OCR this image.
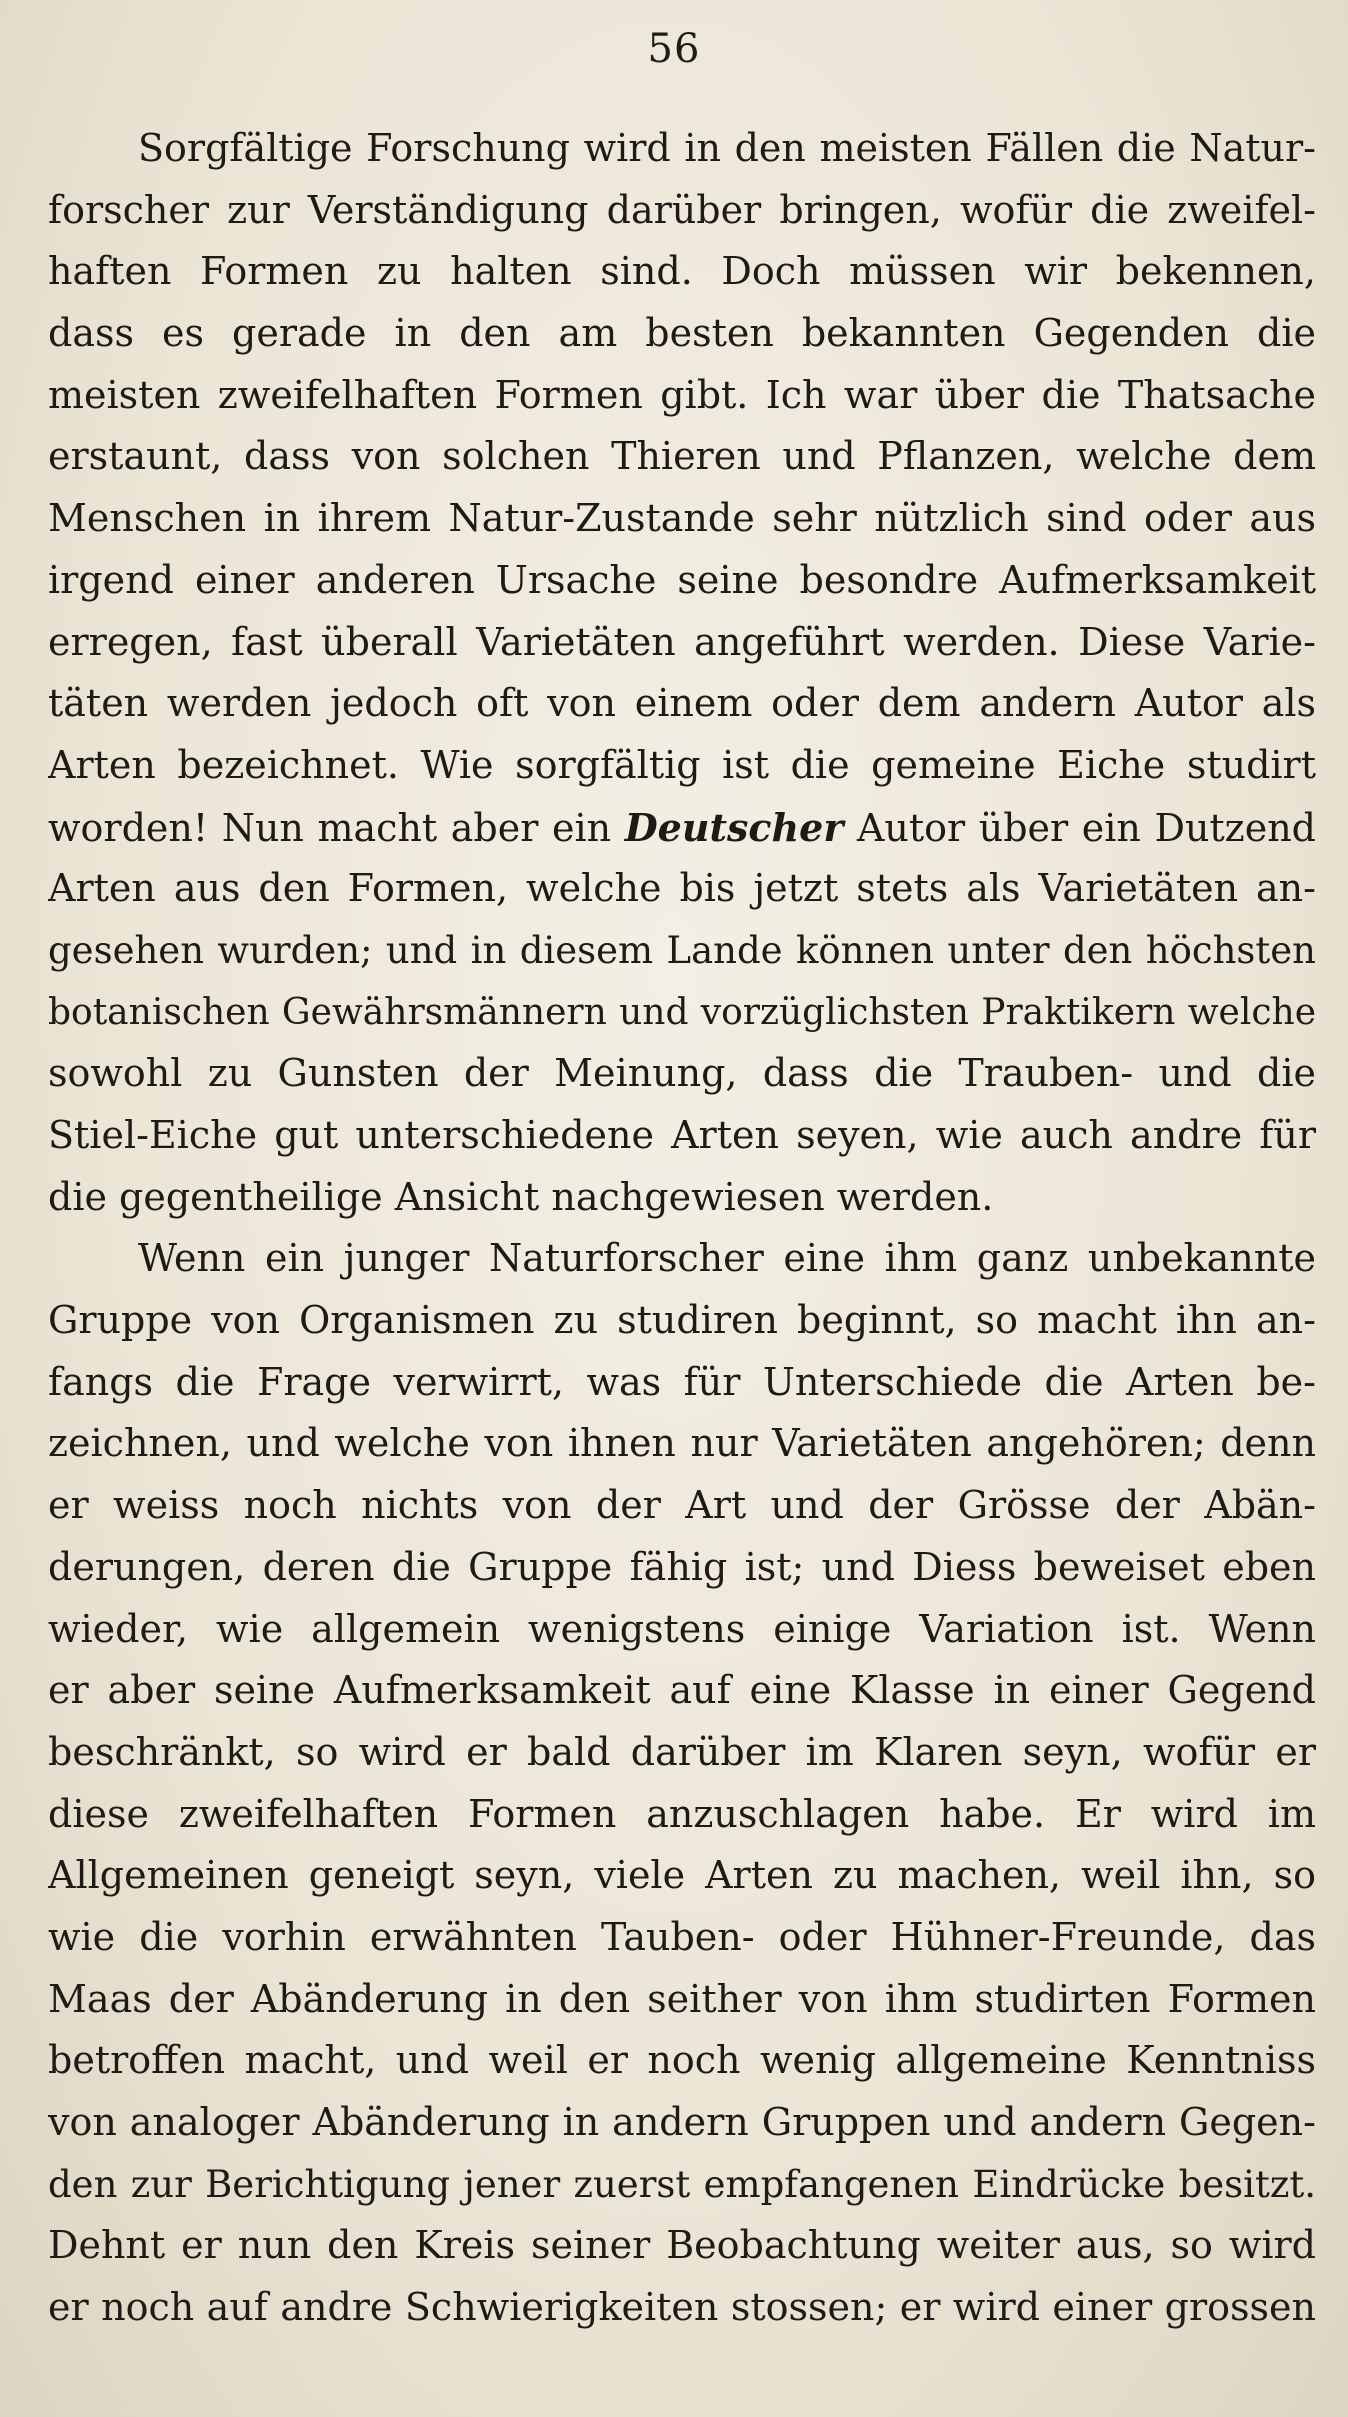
56
Sorgfältige Forschung wird in den meisten Fällen die Natur-
forscher zur Verständigung darüber bringen, wofür die zweifel-
haften Formen zu halten sind. Doch müssen wir bekennen,
dass es gerade in den am besten bekannten Gegenden die
meisten zweifelhaften Formen gibt. Ich war über die Thatsache
erstaunt, dass von solchen Thieren und Pflanzen, welche dem
Menschen in ihrem Natur-Zustande sehr nützlich sind oder aus
irgend einer anderen Ursache seine besondre Aufmerksamkeit
erregen, fast überall Varietäten angeführt werden. Diese Varie-
täten werden jedoch oft von einem oder dem andern Autor als
Arten bezeichnet. Wie sorgfältig ist die gemeine Eiche studirt
worden! Nun macht aber ein Deutscher Autor über ein Dutzend
Arten aus den Formen, welche bis jetzt stets als Varietäten an-
gesehen wurden; und in diesem Lande können unter den höchsten
botanischen Gewährsmännern und vorzüglichsten Praktikern welche
sowohl zu Gunsten der Meinung, dass die Trauben- und die
Stiel-Eiche gut unterschiedene Arten seyen, wie auch andre für
die gegentheilige Ansicht nachgewiesen werden.
Wenn ein junger Naturforscher eine ihm ganz unbekannte
Gruppe von Organismen zu studiren beginnt, so macht ihn an-
fangs die Frage verwirrt, was für Unterschiede die Arten be-
zeichnen, und welche von ihnen nur Varietäten angehören; denn
er weiss noch nichts von der Art und der Grösse der Abän-
derungen, deren die Gruppe fähig ist; und Diess beweiset eben
wieder, wie allgemein wenigstens einige Variation ist. Wenn
er aber seine Aufmerksamkeit auf eine Klasse in einer Gegend
beschränkt, so wird er bald darüber im Klaren seyn, wofür er
diese zweifelhaften Formen anzuschlagen habe. Er wird im
Allgemeinen geneigt seyn, viele Arten zu machen, weil ihn, so
wie die vorhin erwähnten Tauben- oder Hühner-Freunde, das
Maas der Abänderung in den seither von ihm studirten Formen
betroffen macht, und weil er noch wenig allgemeine Kenntniss
von analoger Abänderung in andern Gruppen und andern Gegen-
den zur Berichtigung jener zuerst empfangenen Eindrücke besitzt.
Dehnt er nun den Kreis seiner Beobachtung weiter aus, so wird
er noch auf andre Schwierigkeiten stossen; er wird einer grossen
